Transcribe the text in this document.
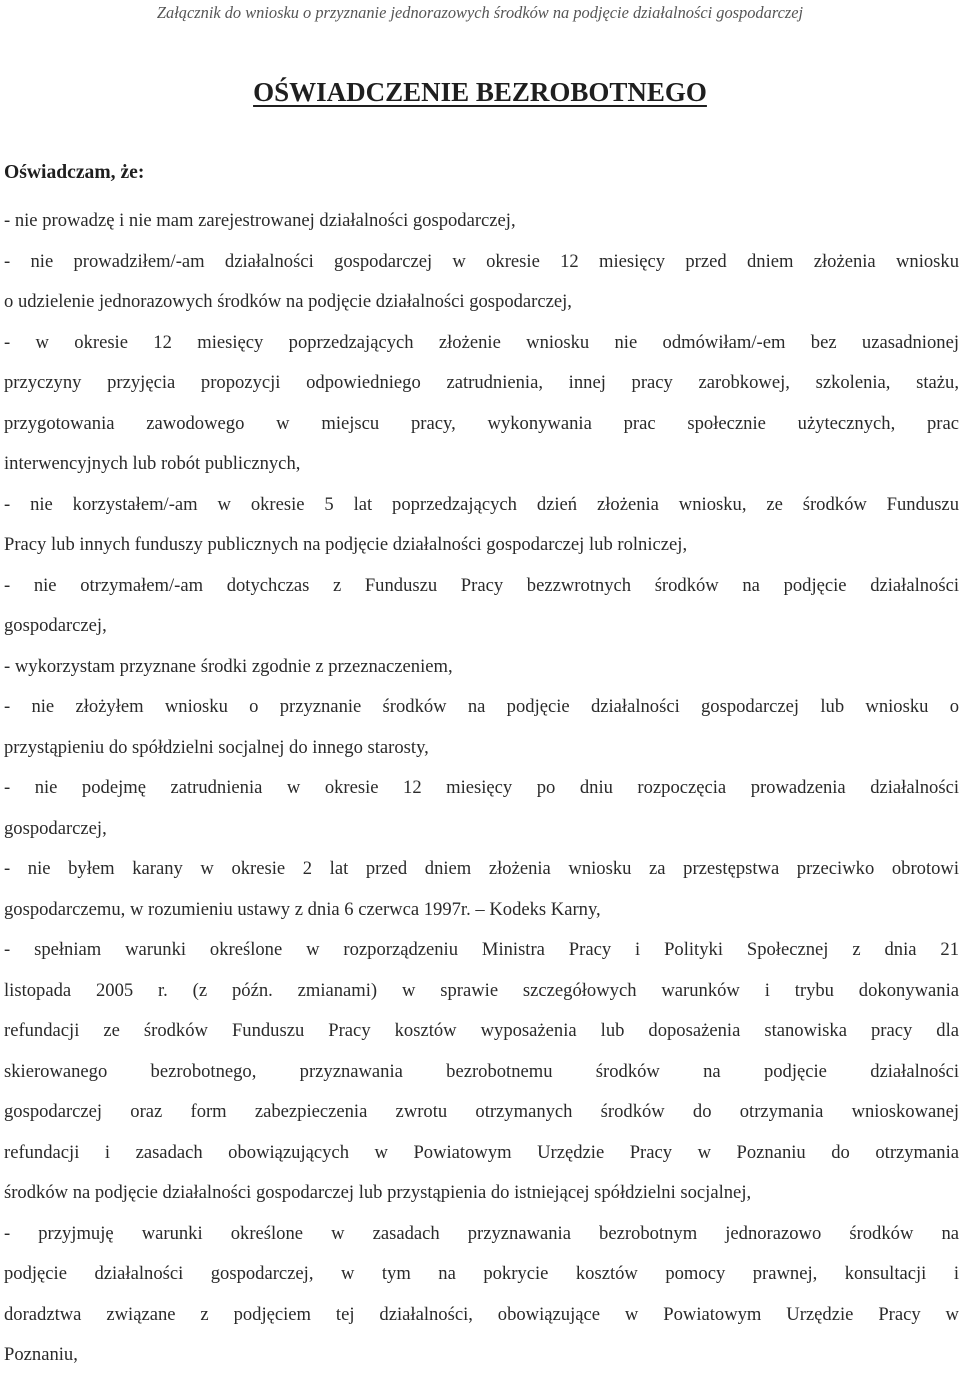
Załącznik do wniosku o przyznanie jednorazowych środków na podjęcie działalności gospodarczej
OŚWIADCZENIE BEZROBOTNEGO

Oświadczam, że:

- nie prowadzę i nie mam zarejestrowanej działalności gospodarczej,
- nie prowadziłem/-am działalności gospodarczej w okresie 12 miesięcy przed dniem złożenia wniosku
o udzielenie jednorazowych środków na podjęcie działalności gospodarczej,
- w okresie 12 miesięcy poprzedzających złożenie wniosku nie odmówiłam/-em bez uzasadnionej
przyczyny przyjęcia propozycji odpowiedniego zatrudnienia, innej pracy zarobkowej, szkolenia, stażu,
przygotowania zawodowego w miejscu pracy, wykonywania prac społecznie użytecznych, prac
interwencyjnych lub robót publicznych,
- nie korzystałem/-am w okresie 5 lat poprzedzających dzień złożenia wniosku, ze środków Funduszu
Pracy lub innych funduszy publicznych na podjęcie działalności gospodarczej lub rolniczej,
- nie otrzymałem/-am dotychczas z Funduszu Pracy bezzwrotnych środków na podjęcie działalności
gospodarczej,
- wykorzystam przyznane środki zgodnie z przeznaczeniem,
- nie złożyłem wniosku o przyznanie środków na podjęcie działalności gospodarczej lub wniosku o
przystąpieniu do spółdzielni socjalnej do innego starosty,
- nie podejmę zatrudnienia w okresie 12 miesięcy po dniu rozpoczęcia prowadzenia działalności
gospodarczej,
- nie byłem karany w okresie 2 lat przed dniem złożenia wniosku za przestępstwa przeciwko obrotowi
gospodarczemu, w rozumieniu ustawy z dnia 6 czerwca 1997r. – Kodeks Karny,
- spełniam warunki określone w rozporządzeniu Ministra Pracy i Polityki Społecznej z dnia 21
listopada 2005 r. (z późn. zmianami) w sprawie szczegółowych warunków i trybu dokonywania
refundacji ze środków Funduszu Pracy kosztów wyposażenia lub doposażenia stanowiska pracy dla
skierowanego bezrobotnego, przyznawania bezrobotnemu środków na podjęcie działalności
gospodarczej oraz form zabezpieczenia zwrotu otrzymanych środków do otrzymania wnioskowanej
refundacji i zasadach obowiązujących w Powiatowym Urzędzie Pracy w Poznaniu do otrzymania
środków na podjęcie działalności gospodarczej lub przystąpienia do istniejącej spółdzielni socjalnej,
- przyjmuję warunki określone w zasadach przyznawania bezrobotnym jednorazowo środków na
podjęcie działalności gospodarczej, w tym na pokrycie kosztów pomocy prawnej, konsultacji i
doradztwa związane z podjęciem tej działalności, obowiązujące w Powiatowym Urzędzie Pracy w
Poznaniu,
